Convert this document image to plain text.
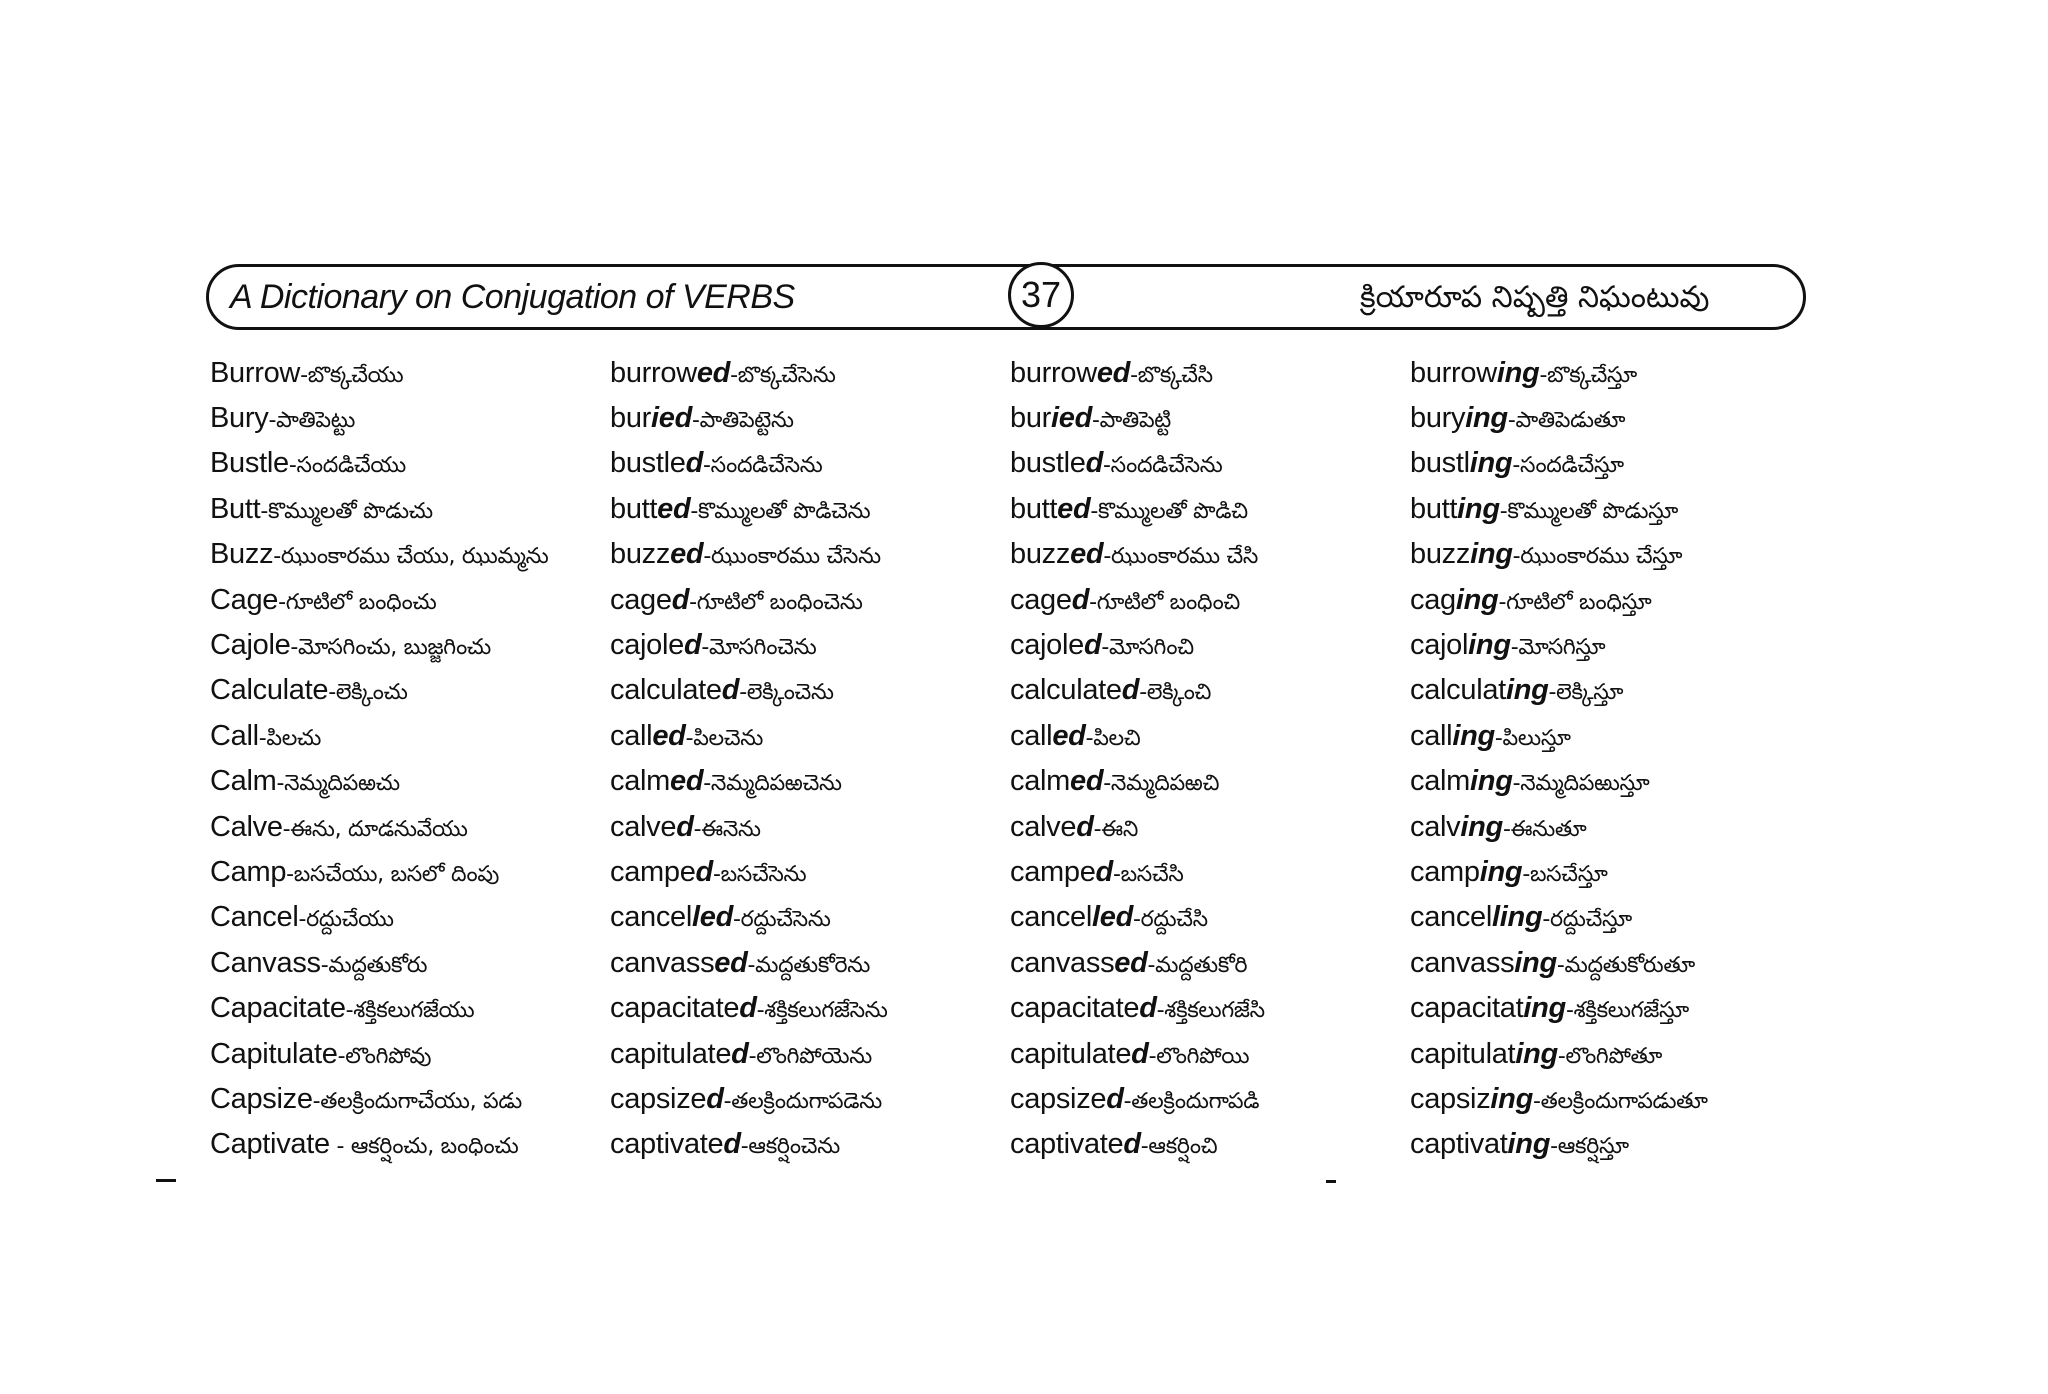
A Dictionary on Conjugation of VERBS	37	క్రియారూప నిష్పత్తి నిఘంటువు
Burrow-బొక్కచేయు	burrowed-బొక్కచేసెను	burrowed-బొక్కచేసి	burrowing-బొక్కచేస్తూ
Bury-పాతిపెట్టు	buried-పాతిపెట్టెను	buried-పాతిపెట్టి	burying-పాతిపెడుతూ
Bustle-సందడిచేయు	bustled-సందడిచేసెను	bustled-సందడిచేసెను	bustling-సందడిచేస్తూ
Butt-కొమ్ములతో పొడుచు	butted-కొమ్ములతో పొడిచెను	butted-కొమ్ములతో పొడిచి	butting-కొమ్ములతో పొడుస్తూ
Buzz-ఝుంకారము చేయు, ఝుమ్మను	buzzed-ఝుంకారము చేసెను	buzzed-ఝుంకారము చేసి	buzzing-ఝుంకారము చేస్తూ
Cage-గూటిలో బంధించు	caged-గూటిలో బంధించెను	caged-గూటిలో బంధించి	caging-గూటిలో బంధిస్తూ
Cajole-మోసగించు, బుజ్జగించు	cajoled-మోసగించెను	cajoled-మోసగించి	cajoling-మోసగిస్తూ
Calculate-లెక్కించు	calculated-లెక్కించెను	calculated-లెక్కించి	calculating-లెక్కిస్తూ
Call-పిలచు	called-పిలచెను	called-పిలచి	calling-పిలుస్తూ
Calm-నెమ్మదిపఱచు	calmed-నెమ్మదిపఱచెను	calmed-నెమ్మదిపఱచి	calming-నెమ్మదిపఱుస్తూ
Calve-ఈను, దూడనువేయు	calved-ఈనెను	calved-ఈని	calving-ఈనుతూ
Camp-బసచేయు, బసలో దింపు	camped-బసచేసెను	camped-బసచేసి	camping-బసచేస్తూ
Cancel-రద్దుచేయు	cancelled-రద్దుచేసెను	cancelled-రద్దుచేసి	cancelling-రద్దుచేస్తూ
Canvass-మద్దతుకోరు	canvassed-మద్దతుకోరెను	canvassed-మద్దతుకోరి	canvassing-మద్దతుకోరుతూ
Capacitate-శక్తికలుగజేయు	capacitated-శక్తికలుగజేసెను	capacitated-శక్తికలుగజేసి	capacitating-శక్తికలుగజేస్తూ
Capitulate-లొంగిపోవు	capitulated-లొంగిపోయెను	capitulated-లొంగిపోయి	capitulating-లొంగిపోతూ
Capsize-తలక్రిందుగాచేయు, పడు	capsized-తలక్రిందుగాపడెను	capsized-తలక్రిందుగాపడి	capsizing-తలక్రిందుగాపడుతూ
Captivate - ఆకర్షించు, బంధించు	captivated-ఆకర్షించెను	captivated-ఆకర్షించి	captivating-ఆకర్షిస్తూ
